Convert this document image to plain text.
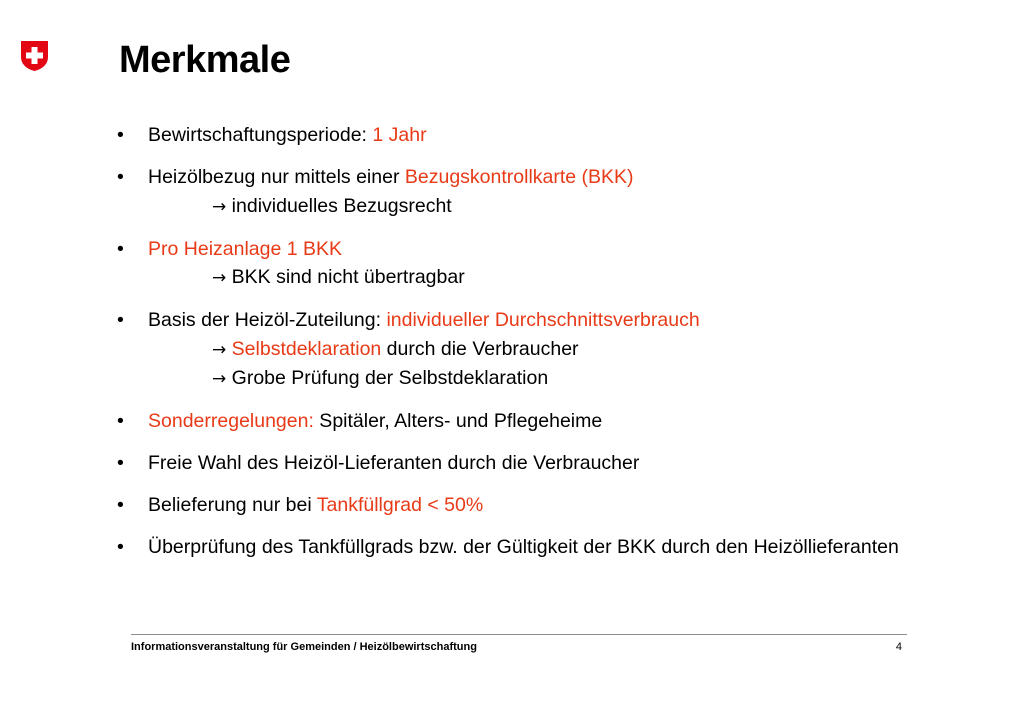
Merkmale
• Bewirtschaftungsperiode: 1 Jahr
• Heizölbezug nur mittels einer Bezugskontrollkarte (BKK)
→ individuelles Bezugsrecht
• Pro Heizanlage 1 BKK
→ BKK sind nicht übertragbar
• Basis der Heizöl-Zuteilung: individueller Durchschnittsverbrauch
→ Selbstdeklaration durch die Verbraucher
→ Grobe Prüfung der Selbstdeklaration
• Sonderregelungen: Spitäler, Alters- und Pflegeheime
• Freie Wahl des Heizöl-Lieferanten durch die Verbraucher
• Belieferung nur bei Tankfüllgrad < 50%
• Überprüfung des Tankfüllgrads bzw. der Gültigkeit der BKK durch den Heizöllieferanten
Informationsveranstaltung für Gemeinden / Heizölbewirtschaftung	4
